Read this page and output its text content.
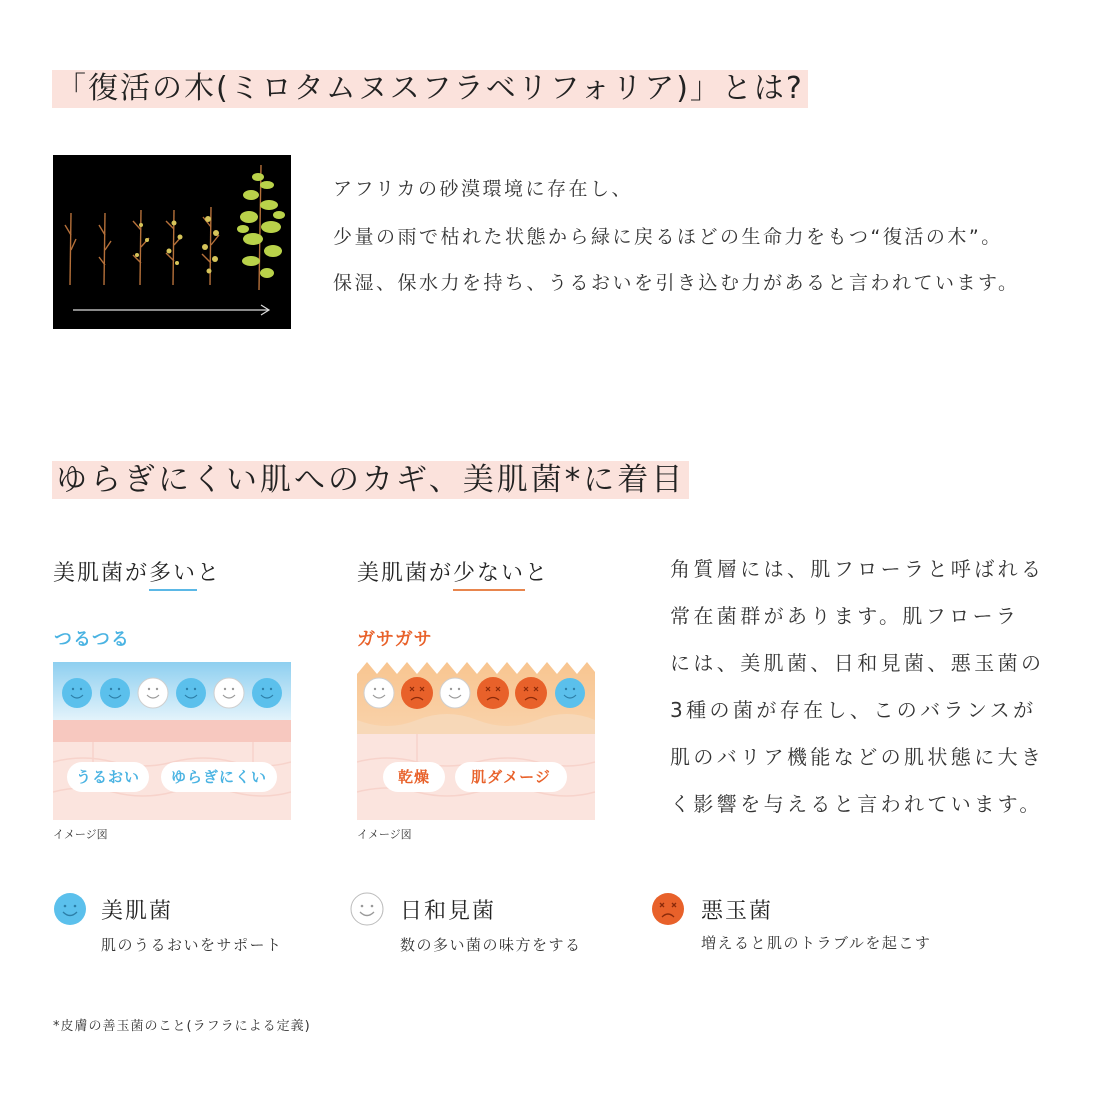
「復活の木(ミロタムヌスフラベリフォリア)」とは?
アフリカの砂漠環境に存在し、
少量の雨で枯れた状態から緑に戻るほどの生命力をもつ“復活の木”。
保湿、保水力を持ち、うるおいを引き込む力があると言われています。
ゆらぎにくい肌へのカギ、美肌菌*に着目
美肌菌が多いと	美肌菌が少ないと
つるつる	ガサガサ
うるおい	ゆらぎにくい	乾燥	肌ダメージ
イメージ図	イメージ図
角質層には、肌フローラと呼ばれる
常在菌群があります。肌フローラ
には、美肌菌、日和見菌、悪玉菌の
3種の菌が存在し、このバランスが
肌のバリア機能などの肌状態に大き
く影響を与えると言われています。
美肌菌
肌のうるおいをサポート
日和見菌
数の多い菌の味方をする
悪玉菌
増えると肌のトラブルを起こす
*皮膚の善玉菌のこと(ラフラによる定義)
